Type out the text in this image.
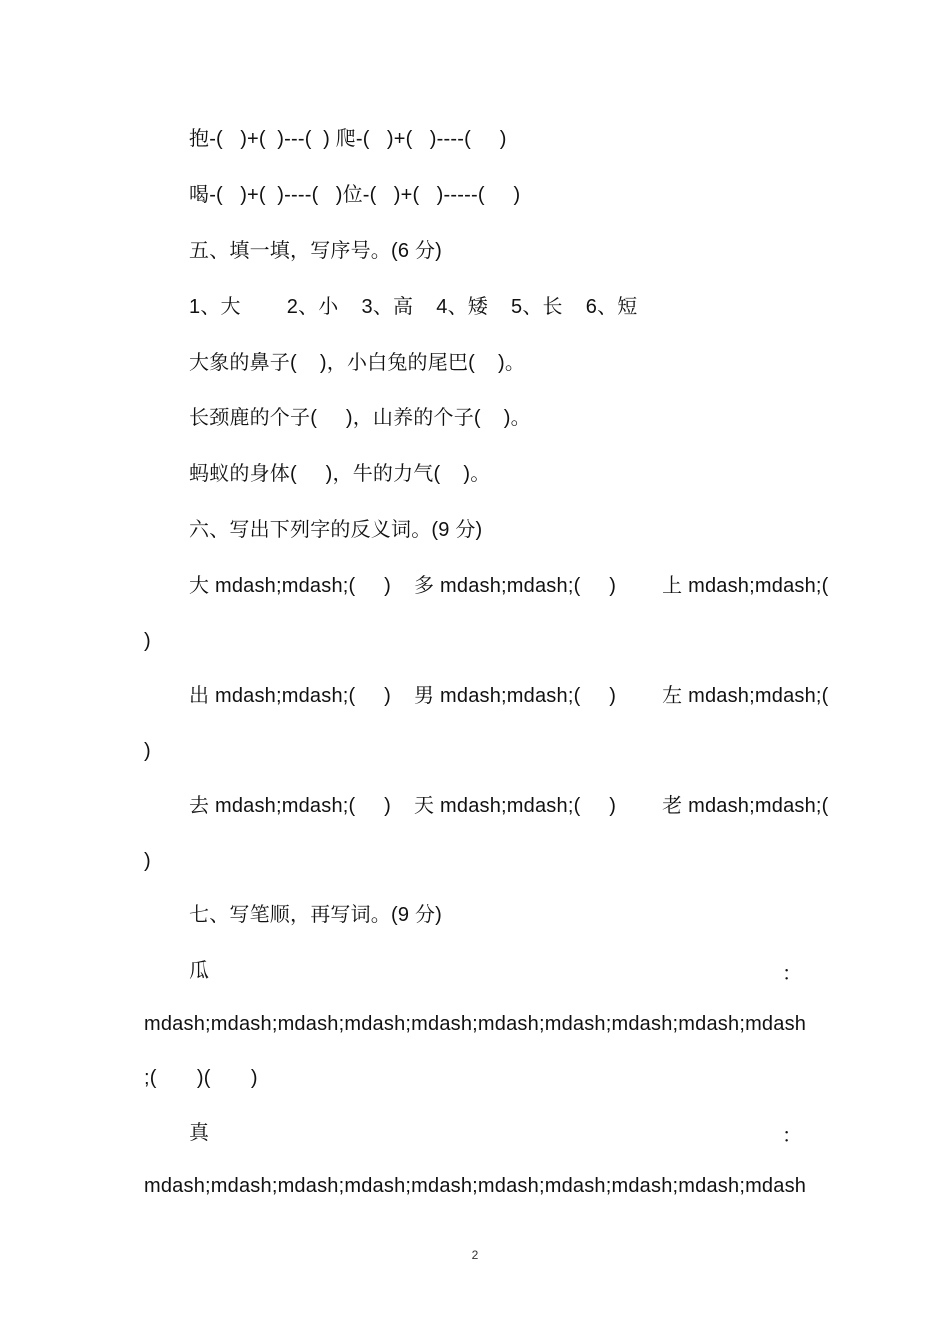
抱-(   )+(  )---(  ) 爬-(   )+(   )----(     )
喝-(   )+(  )----(   )位-(   )+(   )-----(     )
五、填一填，写序号。(6 分)
1、大        2、小    3、高    4、矮    5、长    6、短
大象的鼻子(    )，小白兔的尾巴(    )。
长颈鹿的个子(     )，山养的个子(    )。
蚂蚁的身体(     )，牛的力气(    )。
六、写出下列字的反义词。(9 分)
大 mdash;mdash;(     )    多 mdash;mdash;(     )        上 mdash;mdash;(
)
出 mdash;mdash;(     )    男 mdash;mdash;(     )        左 mdash;mdash;(
)
去 mdash;mdash;(     )    天 mdash;mdash;(     )        老 mdash;mdash;(
)
七、写笔顺，再写词。(9 分)
瓜	：
mdash;mdash;mdash;mdash;mdash;mdash;mdash;mdash;mdash;mdash
;(       )(       )
真	：
mdash;mdash;mdash;mdash;mdash;mdash;mdash;mdash;mdash;mdash
2
